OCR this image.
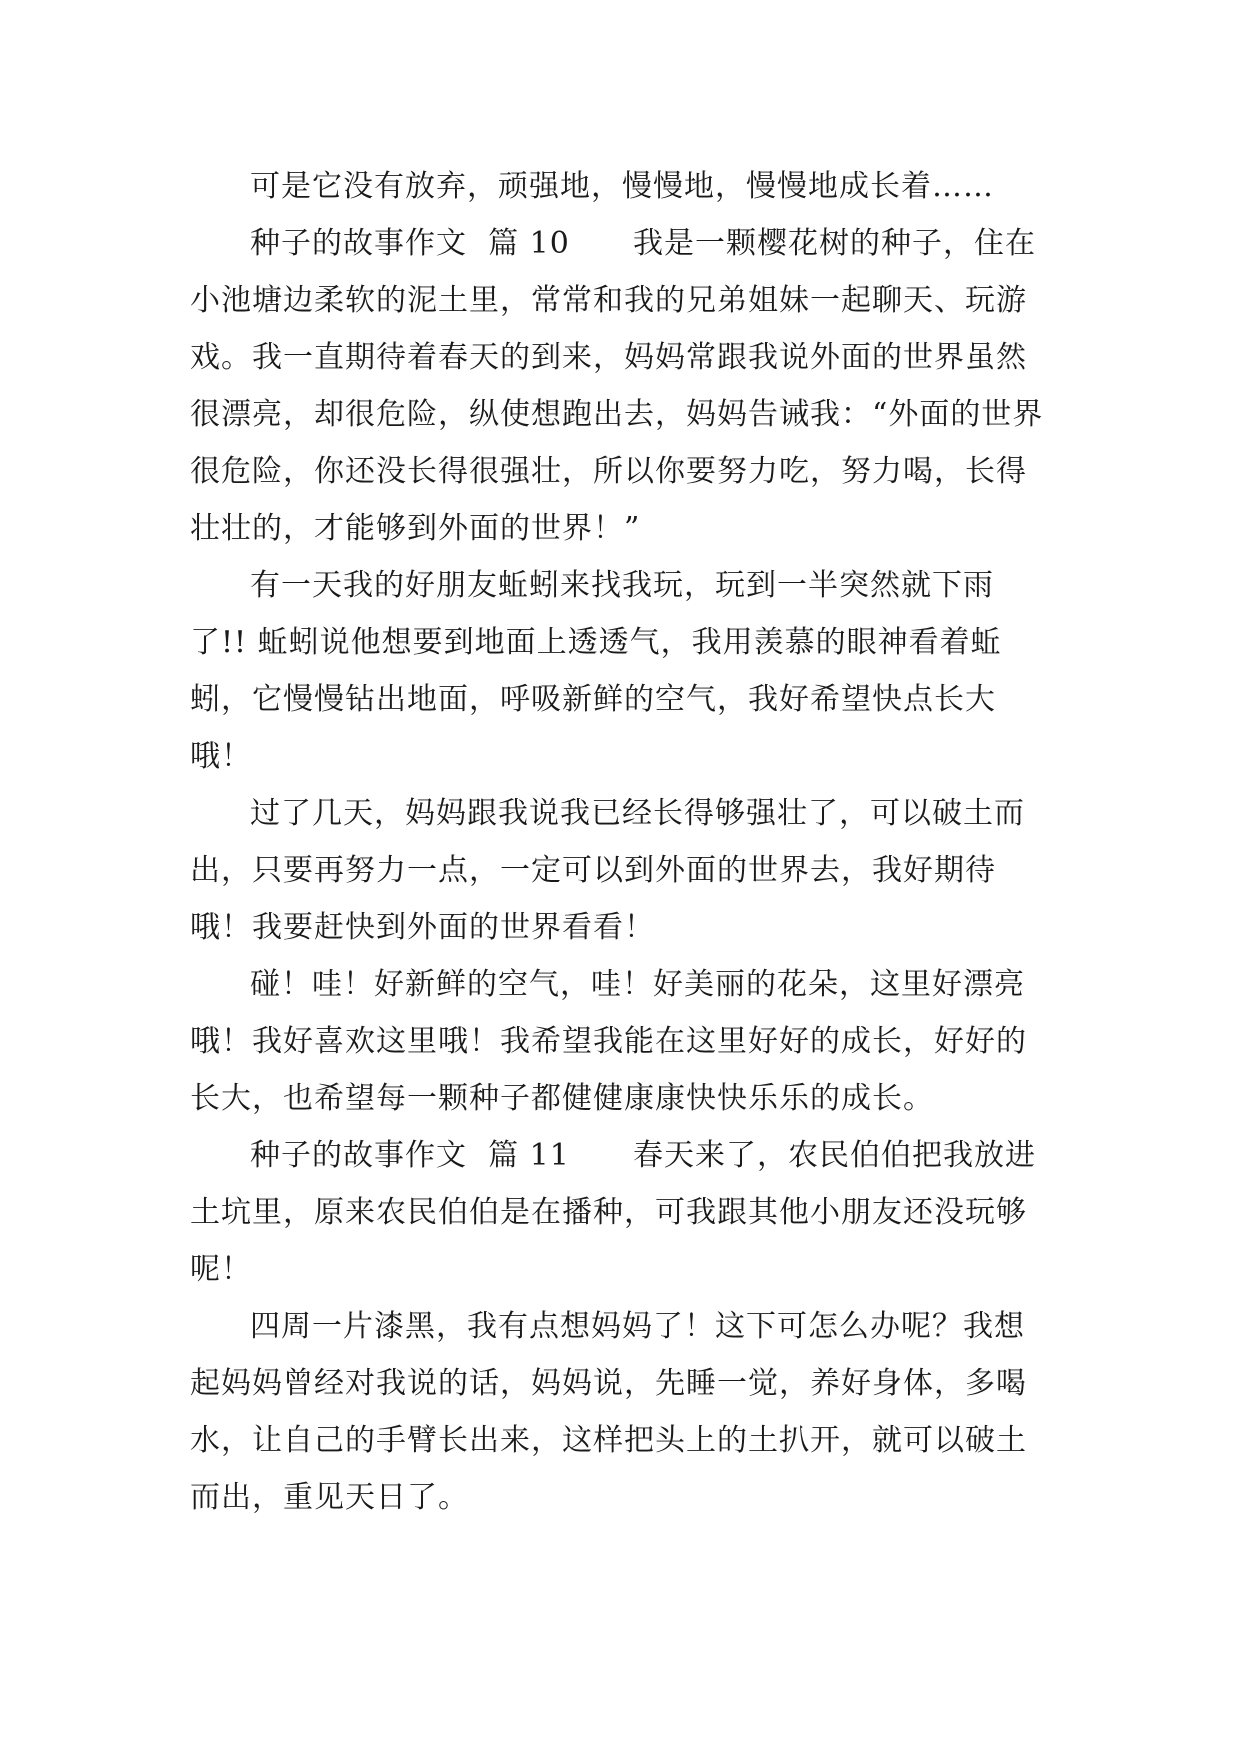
可是它没有放弃，顽强地，慢慢地，慢慢地成长着……

种子的故事作文  篇 10      我是一颗樱花树的种子，住在小池塘边柔软的泥土里，常常和我的兄弟姐妹一起聊天、玩游戏。我一直期待着春天的到来，妈妈常跟我说外面的世界虽然很漂亮，却很危险，纵使想跑出去，妈妈告诫我：“外面的世界很危险，你还没长得很强壮，所以你要努力吃，努力喝，长得壮壮的，才能够到外面的世界！”

有一天我的好朋友蚯蚓来找我玩，玩到一半突然就下雨了!! 蚯蚓说他想要到地面上透透气，我用羡慕的眼神看着蚯蚓，它慢慢钻出地面，呼吸新鲜的空气，我好希望快点长大哦！

过了几天，妈妈跟我说我已经长得够强壮了，可以破土而出，只要再努力一点，一定可以到外面的世界去，我好期待哦！我要赶快到外面的世界看看！

碰！哇！好新鲜的空气，哇！好美丽的花朵，这里好漂亮哦！我好喜欢这里哦！我希望我能在这里好好的成长，好好的长大，也希望每一颗种子都健健康康快快乐乐的成长。

种子的故事作文  篇 11      春天来了，农民伯伯把我放进土坑里，原来农民伯伯是在播种，可我跟其他小朋友还没玩够呢！

四周一片漆黑，我有点想妈妈了！这下可怎么办呢？我想起妈妈曾经对我说的话，妈妈说，先睡一觉，养好身体，多喝水，让自己的手臂长出来，这样把头上的土扒开，就可以破土而出，重见天日了。
